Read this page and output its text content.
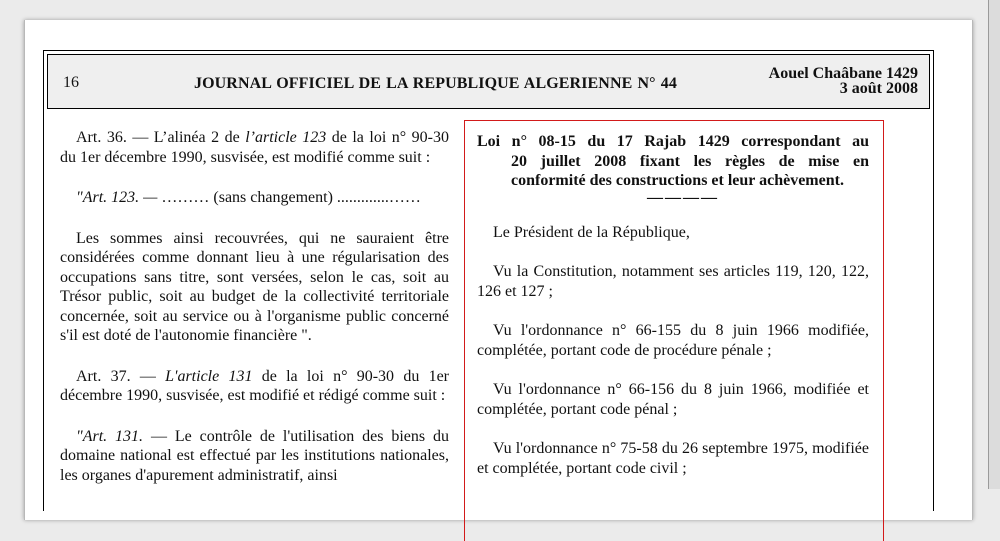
16	JOURNAL OFFICIEL DE LA REPUBLIQUE ALGERIENNE N° 44
Aouel Chaâbane 1429
3 août 2008

Art. 36. — L’alinéa 2 de l’article 123 de la loi n° 90-30 du 1er décembre 1990, susvisée, est modifié comme suit :

"Art. 123. — ……… (sans changement) .............……

Les sommes ainsi recouvrées, qui ne sauraient être considérées comme donnant lieu à une régularisation des occupations sans titre, sont versées, selon le cas, soit au Trésor public, soit au budget de la collectivité territoriale concernée, soit au service ou à l'organisme public concerné s'il est doté de l'autonomie financière ".

Art. 37. — L'article 131 de la loi n° 90-30 du 1er décembre 1990, susvisée, est modifié et rédigé comme suit :

"Art. 131. — Le contrôle de l'utilisation des biens du domaine national est effectué par les institutions nationales, les organes d'apurement administratif, ainsi

Loi n° 08-15 du 17 Rajab 1429 correspondant au
20 juillet 2008 fixant les règles de mise en conformité des constructions et leur achèvement.
————

Le Président de la République,

Vu la Constitution, notamment ses articles 119, 120, 122, 126 et 127 ;

Vu l'ordonnance n° 66-155 du 8 juin 1966 modifiée, complétée, portant code de procédure pénale ;

Vu l'ordonnance n° 66-156 du 8 juin 1966, modifiée et complétée, portant code pénal ;

Vu l'ordonnance n° 75-58 du 26 septembre 1975, modifiée et complétée, portant code civil ;
